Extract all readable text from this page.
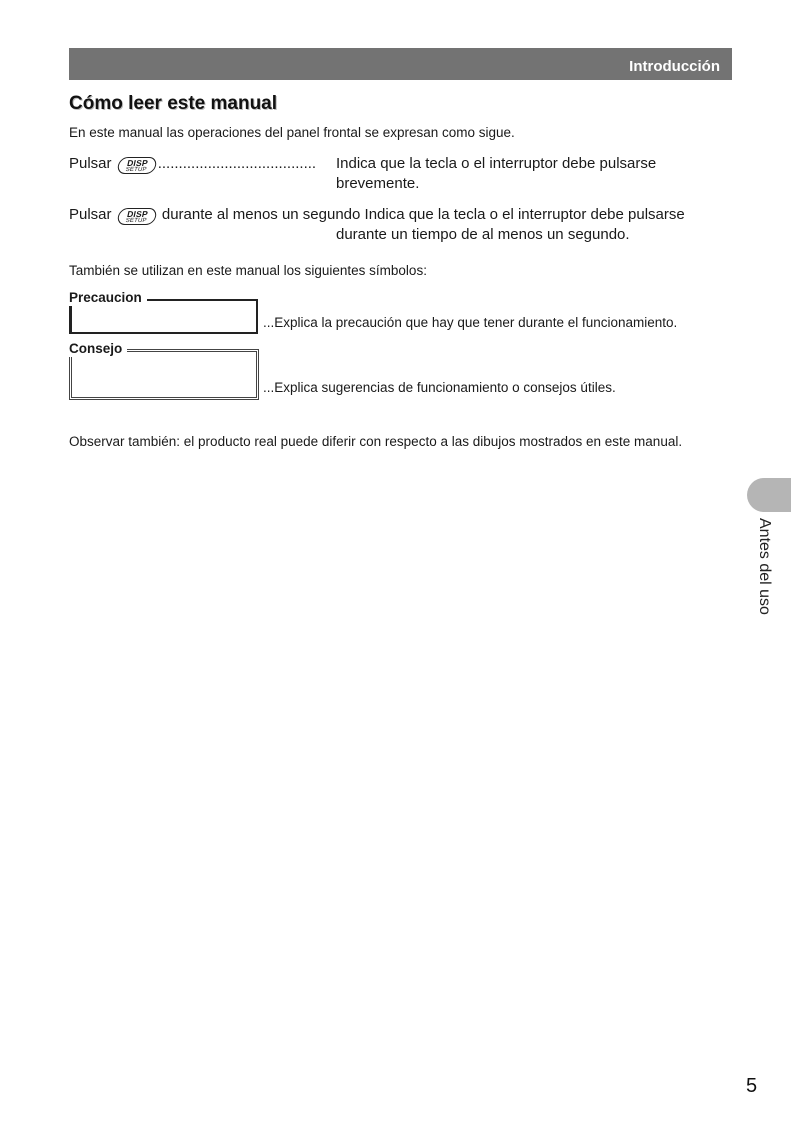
Introducción
Cómo leer este manual
En este manual las operaciones del panel frontal se expresan como sigue.
Pulsar	DISP
SETUP ...................................... Indica que la tecla o el interruptor debe pulsarse
brevemente.
Pulsar	DISP
SETUP durante al menos un segundo Indica que la tecla o el interruptor debe pulsarse
durante un tiempo de al menos un segundo.
También se utilizan en este manual los siguientes símbolos:
Precaucion
...Explica la precaución que hay que tener durante el funcionamiento.
Consejo
...Explica sugerencias de funcionamiento o consejos útiles.
Observar también: el producto real puede diferir con respecto a las dibujos mostrados en este manual.
Antes del uso
5
